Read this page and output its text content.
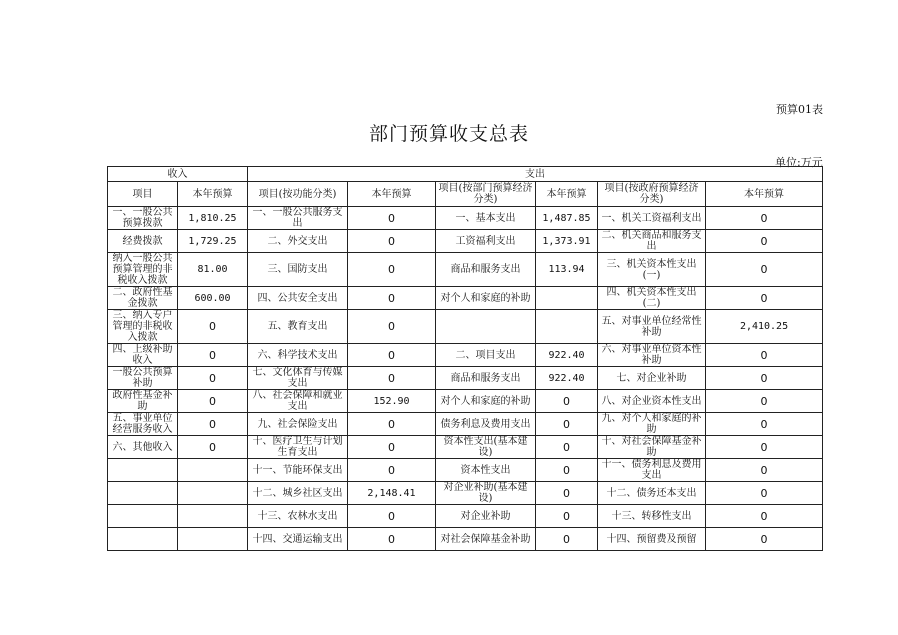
预算01表
部门预算收支总表
单位:万元
收入		支出					
项目	本年预算	项目(按功能分类)	本年预算	项目(按部门预算经济分类)	本年预算	项目(按政府预算经济分类)	本年预算
一、一般公共预算拨款	1,810.25	一、一般公共服务支出	0	一、基本支出	1,487.85	一、机关工资福利支出	0
经费拨款	1,729.25	二、外交支出	0	工资福利支出	1,373.91	二、机关商品和服务支出	0
纳入一般公共预算管理的非税收入拨款	81.00	三、国防支出	0	商品和服务支出	113.94	三、机关资本性支出(一)	0
二、政府性基金拨款	600.00	四、公共安全支出	0	对个人和家庭的补助		四、机关资本性支出(二)	0
三、纳入专户管理的非税收入拨款	0	五、教育支出	0			五、对事业单位经常性补助	2,410.25
四、上级补助收入	0	六、科学技术支出	0	二、项目支出	922.40	六、对事业单位资本性补助	0
一般公共预算补助	0	七、文化体育与传媒支出	0	商品和服务支出	922.40	七、对企业补助	0
政府性基金补助	0	八、社会保障和就业支出	152.90	对个人和家庭的补助	0	八、对企业资本性支出	0
五、事业单位经营服务收入	0	九、社会保险支出	0	债务利息及费用支出	0	九、对个人和家庭的补助	0
六、其他收入	0	十、医疗卫生与计划生育支出	0	资本性支出(基本建设)	0	十、对社会保障基金补助	0
		十一、节能环保支出	0	资本性支出	0	十一、债务利息及费用支出	0
		十二、城乡社区支出	2,148.41	对企业补助(基本建设)	0	十二、债务还本支出	0
		十三、农林水支出	0	对企业补助	0	十三、转移性支出	0
		十四、交通运输支出	0	对社会保障基金补助	0	十四、预留费及预留	0
